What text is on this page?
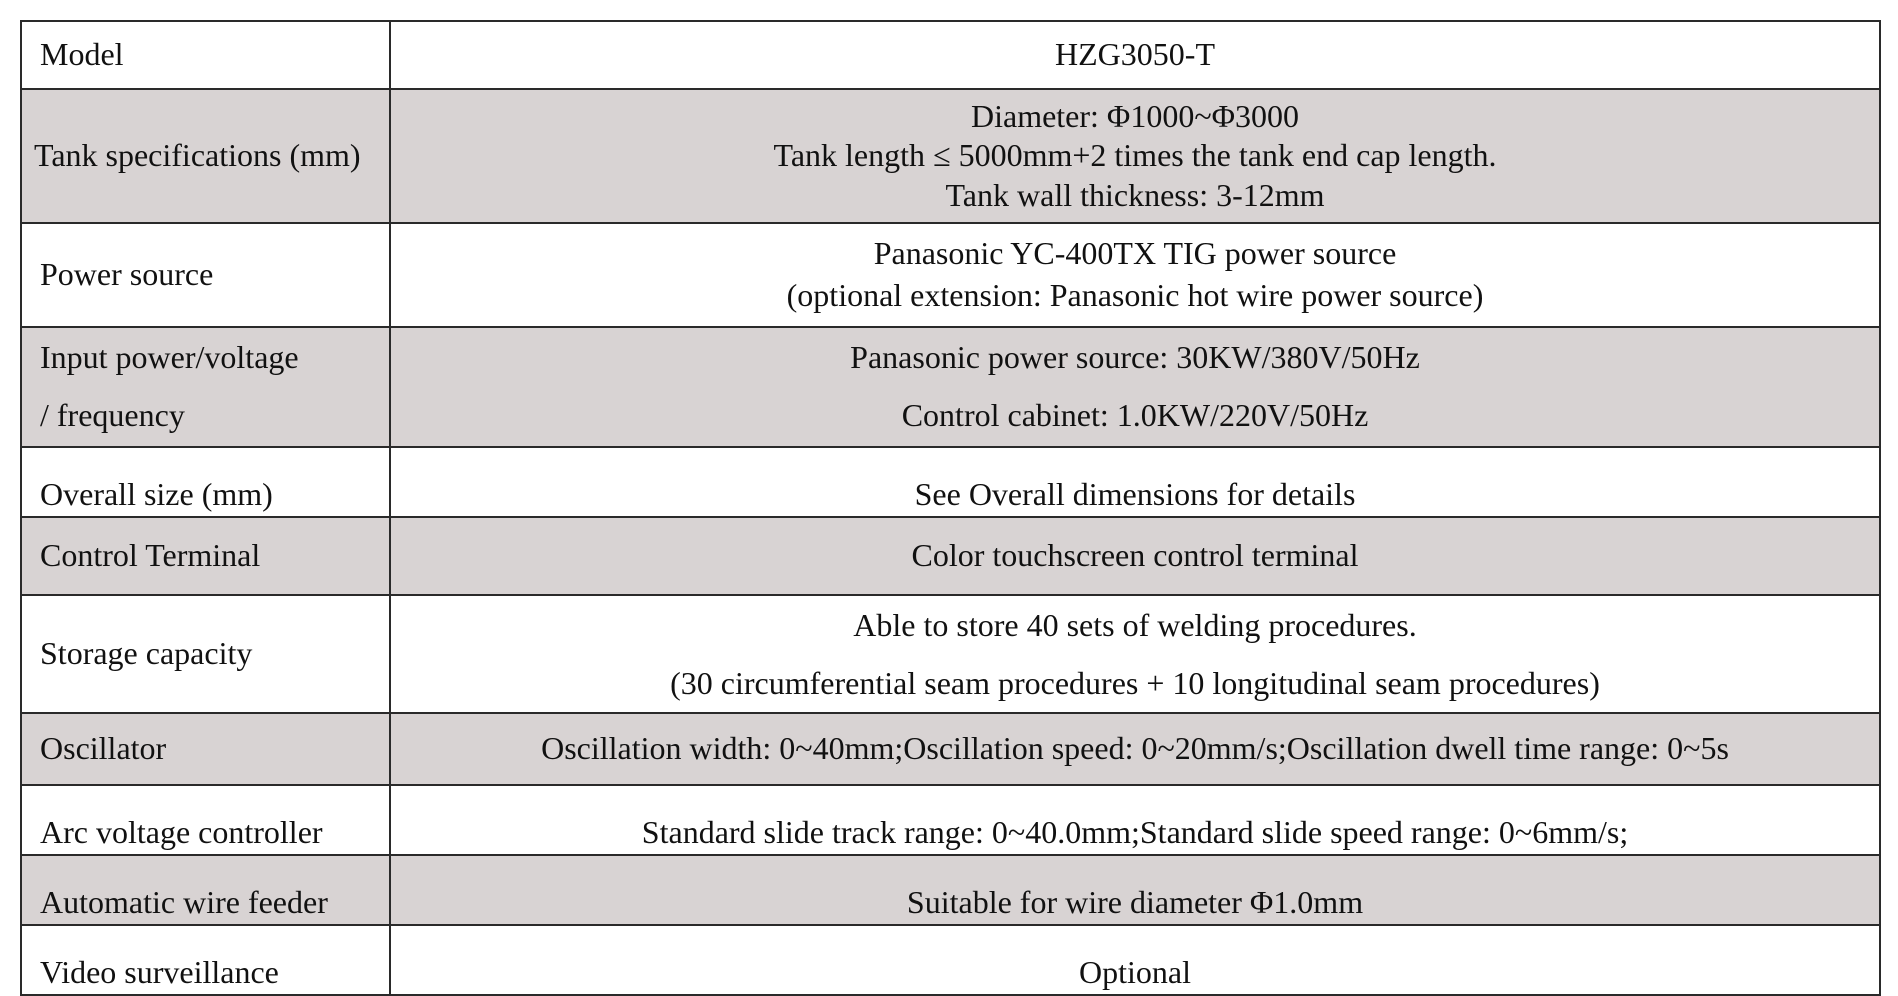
Model	HZG3050-T
Tank specifications (mm)	Diameter: Φ1000~Φ3000
Tank length ≤ 5000mm+2 times the tank end cap length.
Tank wall thickness: 3-12mm

Power source	Panasonic YC-400TX TIG power source
(optional extension: Panasonic hot wire power source)

Input power/voltage
/ frequency	Panasonic power source: 30KW/380V/50Hz
Control cabinet: 1.0KW/220V/50Hz

Overall size (mm)	See Overall dimensions for details
Control Terminal	Color touchscreen control terminal
Storage capacity	Able to store 40 sets of welding procedures.
(30 circumferential seam procedures + 10 longitudinal seam procedures)

Oscillator	Oscillation width: 0~40mm;Oscillation speed: 0~20mm/s;Oscillation dwell time range: 0~5s
Arc voltage controller	Standard slide track range: 0~40.0mm;Standard slide speed range: 0~6mm/s;
Automatic wire feeder	Suitable for wire diameter Φ1.0mm
Video surveillance	Optional
